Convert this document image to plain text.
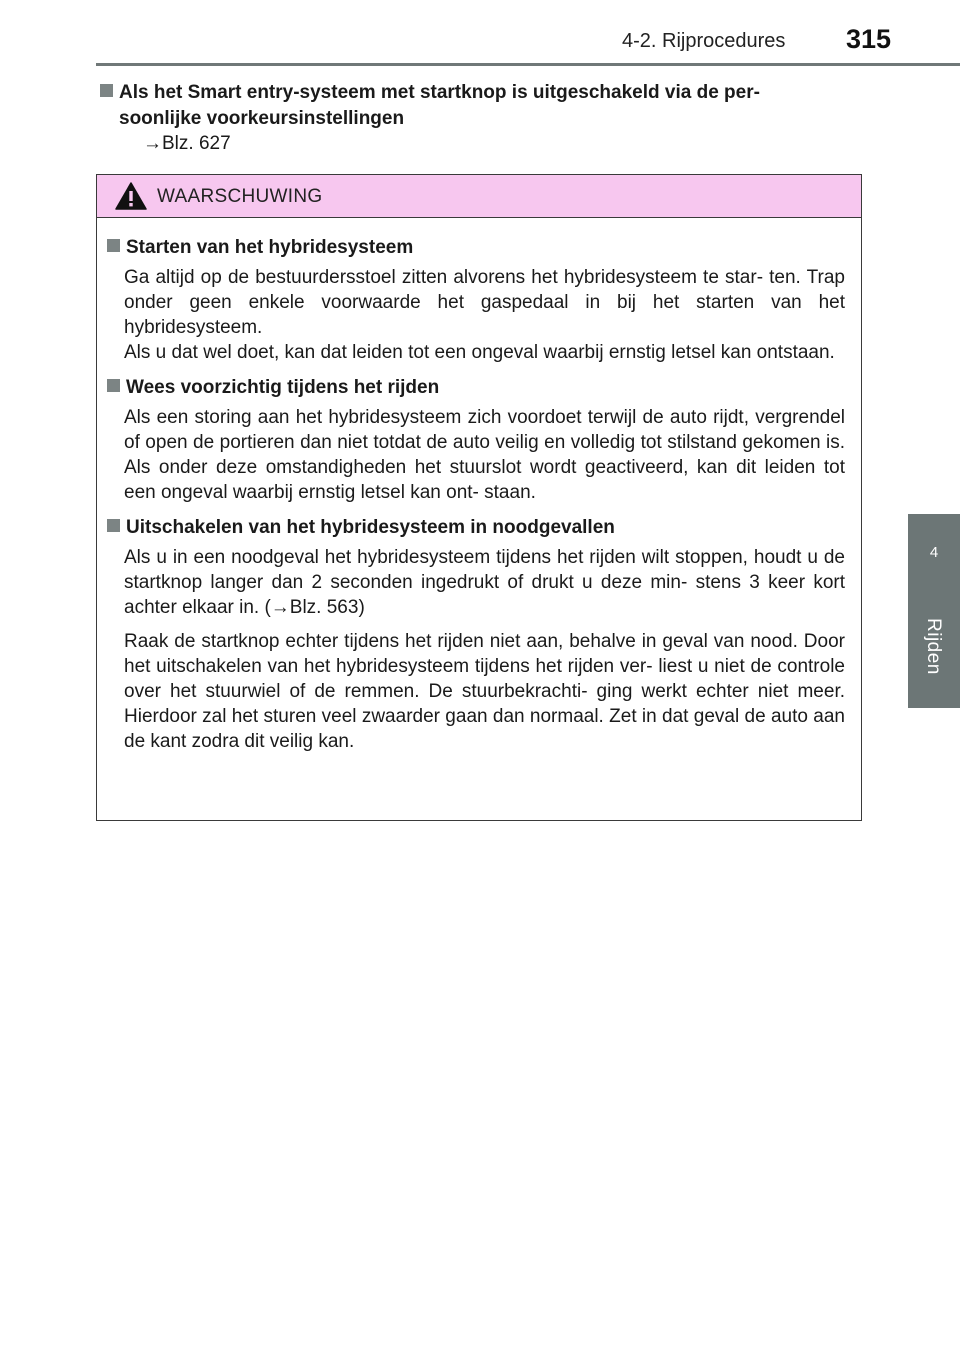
4-2. Rijprocedures 315
4
Rijden
Als het Smart entry-systeem met startknop is uitgeschakeld via de per-
soonlijke voorkeursinstellingen
→Blz. 627
WAARSCHUWING

Starten van het hybridesysteem

Ga altijd op de bestuurdersstoel zitten alvorens het hybridesysteem te star- ten. Trap onder geen enkele voorwaarde het gaspedaal in bij het starten van het hybridesysteem.

Als u dat wel doet, kan dat leiden tot een ongeval waarbij ernstig letsel kan ontstaan.

Wees voorzichtig tijdens het rijden

Als een storing aan het hybridesysteem zich voordoet terwijl de auto rijdt, vergrendel of open de portieren dan niet totdat de auto veilig en volledig tot stilstand gekomen is. Als onder deze omstandigheden het stuurslot wordt geactiveerd, kan dit leiden tot een ongeval waarbij ernstig letsel kan ont- staan.

Uitschakelen van het hybridesysteem in noodgevallen

Als u in een noodgeval het hybridesysteem tijdens het rijden wilt stoppen, houdt u de startknop langer dan 2 seconden ingedrukt of drukt u deze min- stens 3 keer kort achter elkaar in. (→Blz. 563)

Raak de startknop echter tijdens het rijden niet aan, behalve in geval van nood. Door het uitschakelen van het hybridesysteem tijdens het rijden ver- liest u niet de controle over het stuurwiel of de remmen. De stuurbekrachti- ging werkt echter niet meer. Hierdoor zal het sturen veel zwaarder gaan dan normaal. Zet in dat geval de auto aan de kant zodra dit veilig kan.
